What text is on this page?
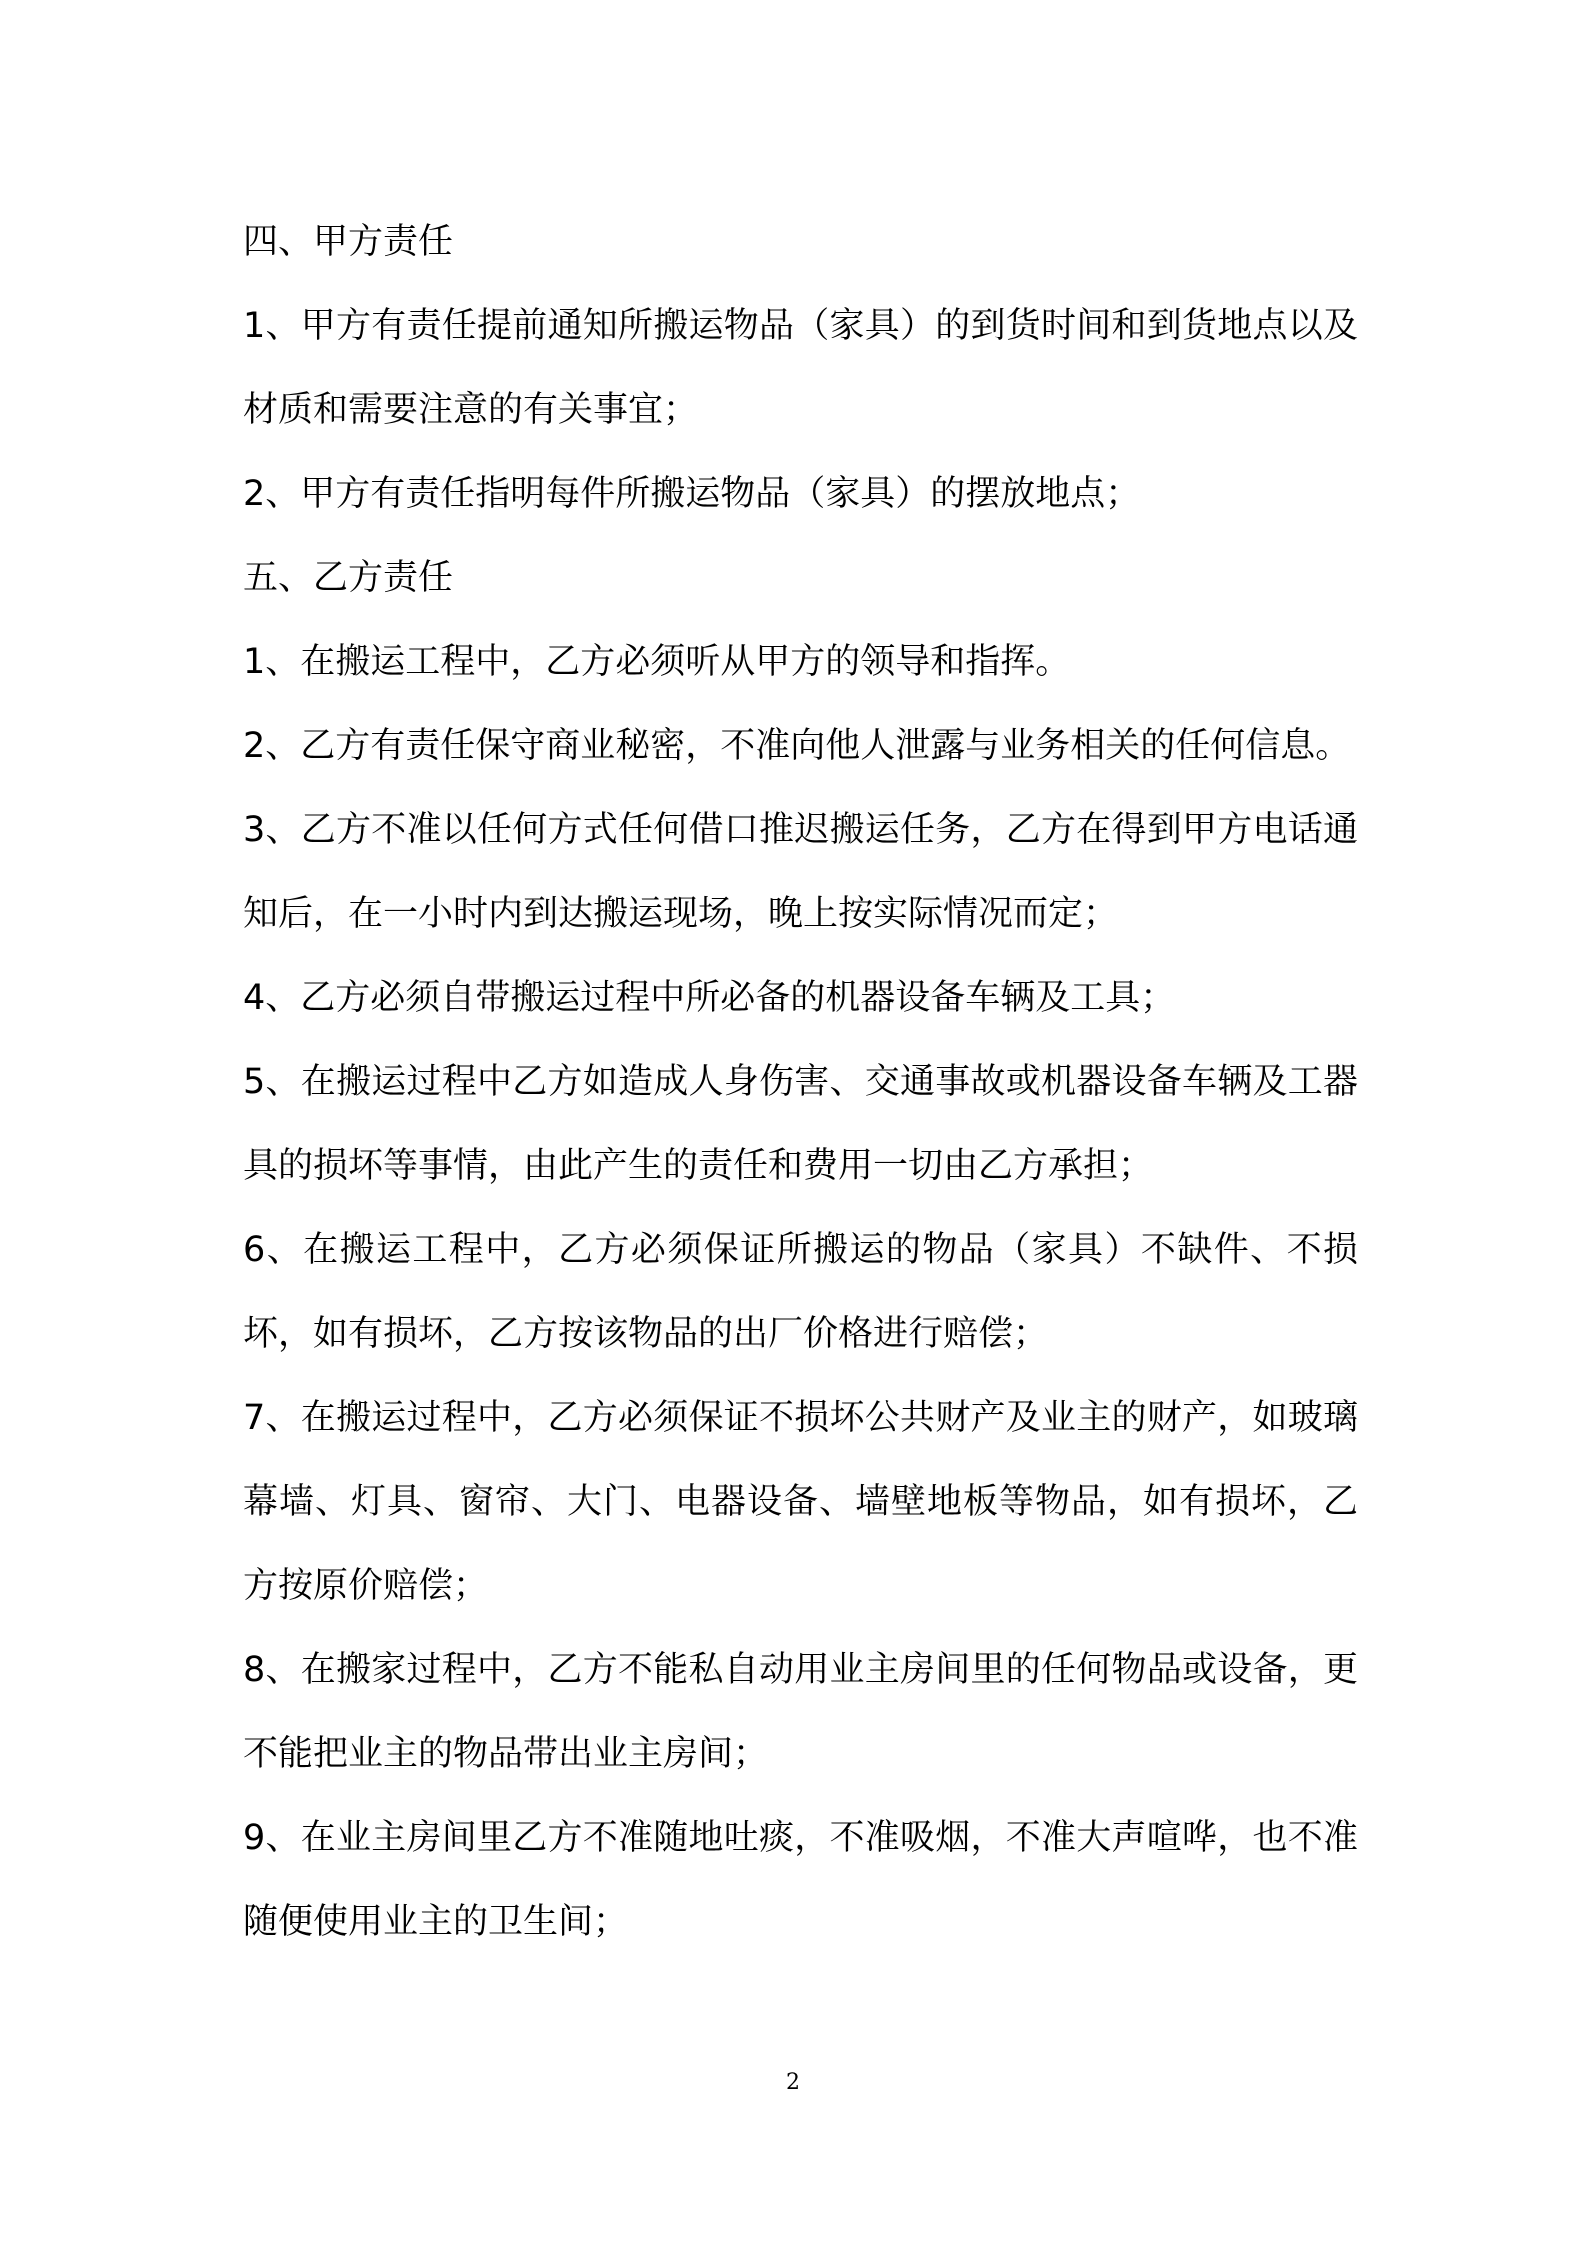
四、甲方责任

1、甲方有责任提前通知所搬运物品（家具）的到货时间和到货地点以及材质和需要注意的有关事宜；

2、甲方有责任指明每件所搬运物品（家具）的摆放地点；

五、乙方责任

1、在搬运工程中，乙方必须听从甲方的领导和指挥。

2、乙方有责任保守商业秘密，不准向他人泄露与业务相关的任何信息。

3、乙方不准以任何方式任何借口推迟搬运任务，乙方在得到甲方电话通知后，在一小时内到达搬运现场，晚上按实际情况而定；

4、乙方必须自带搬运过程中所必备的机器设备车辆及工具；

5、在搬运过程中乙方如造成人身伤害、交通事故或机器设备车辆及工器具的损坏等事情，由此产生的责任和费用一切由乙方承担；

6、在搬运工程中，乙方必须保证所搬运的物品（家具）不缺件、不损坏，如有损坏，乙方按该物品的出厂价格进行赔偿；

7、在搬运过程中，乙方必须保证不损坏公共财产及业主的财产，如玻璃幕墙、灯具、窗帘、大门、电器设备、墙壁地板等物品，如有损坏，乙方按原价赔偿；

8、在搬家过程中，乙方不能私自动用业主房间里的任何物品或设备，更不能把业主的物品带出业主房间；

9、在业主房间里乙方不准随地吐痰，不准吸烟，不准大声喧哗，也不准随便使用业主的卫生间；

2
